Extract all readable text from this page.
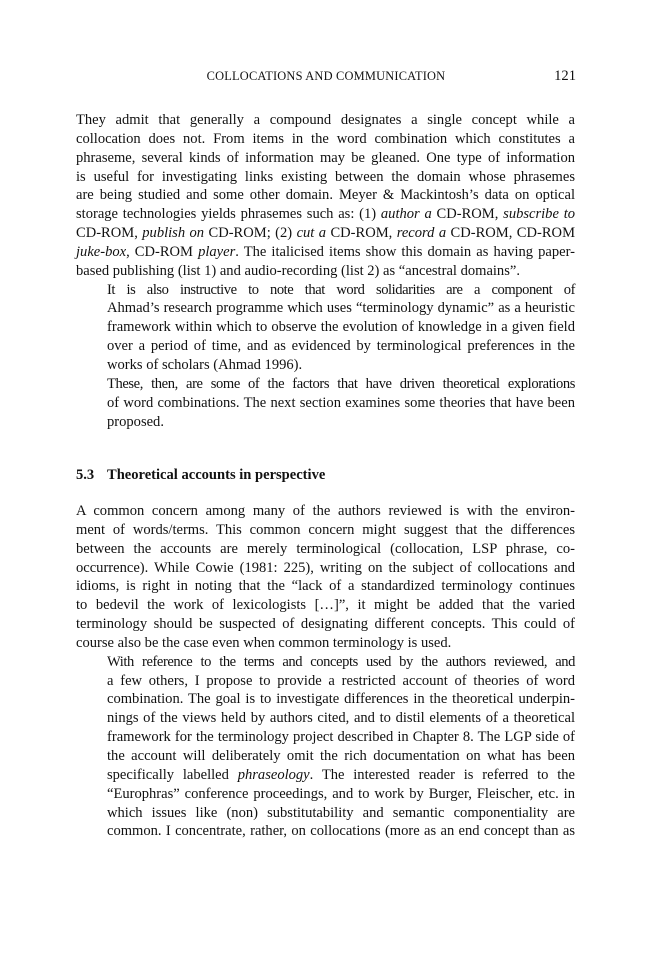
COLLOCATIONS AND COMMUNICATION	121

They admit that generally a compound designates a single concept while a
collocation does not. From items in the word combination which constitutes a
phraseme, several kinds of information may be gleaned. One type of information
is useful for investigating links existing between the domain whose phrasemes
are being studied and some other domain. Meyer & Mackintosh’s data on optical
storage technologies yields phrasemes such as: (1) author a CD-ROM, subscribe to
CD-ROM, publish on CD-ROM; (2) cut a CD-ROM, record a CD-ROM, CD-ROM
juke-box, CD-ROM player. The italicised items show this domain as having paper-
based publishing (list 1) and audio-recording (list 2) as “ancestral domains”.

It is also instructive to note that word solidarities are a component of
Ahmad’s research programme which uses “terminology dynamic” as a heuristic
framework within which to observe the evolution of knowledge in a given field
over a period of time, and as evidenced by terminological preferences in the
works of scholars (Ahmad 1996).

These, then, are some of the factors that have driven theoretical explorations
of word combinations. The next section examines some theories that have been
proposed.

5.3 Theoretical accounts in perspective

A common concern among many of the authors reviewed is with the environ-
ment of words/terms. This common concern might suggest that the differences
between the accounts are merely terminological (collocation, LSP phrase, co-
occurrence). While Cowie (1981: 225), writing on the subject of collocations and
idioms, is right in noting that the “lack of a standardized terminology continues
to bedevil the work of lexicologists […]”, it might be added that the varied
terminology should be suspected of designating different concepts. This could of
course also be the case even when common terminology is used.

With reference to the terms and concepts used by the authors reviewed, and
a few others, I propose to provide a restricted account of theories of word
combination. The goal is to investigate differences in the theoretical underpin-
nings of the views held by authors cited, and to distil elements of a theoretical
framework for the terminology project described in Chapter 8. The LGP side of
the account will deliberately omit the rich documentation on what has been
specifically labelled phraseology. The interested reader is referred to the
“Europhras” conference proceedings, and to work by Burger, Fleischer, etc. in
which issues like (non) substitutability and semantic componentiality are
common. I concentrate, rather, on collocations (more as an end concept than as
